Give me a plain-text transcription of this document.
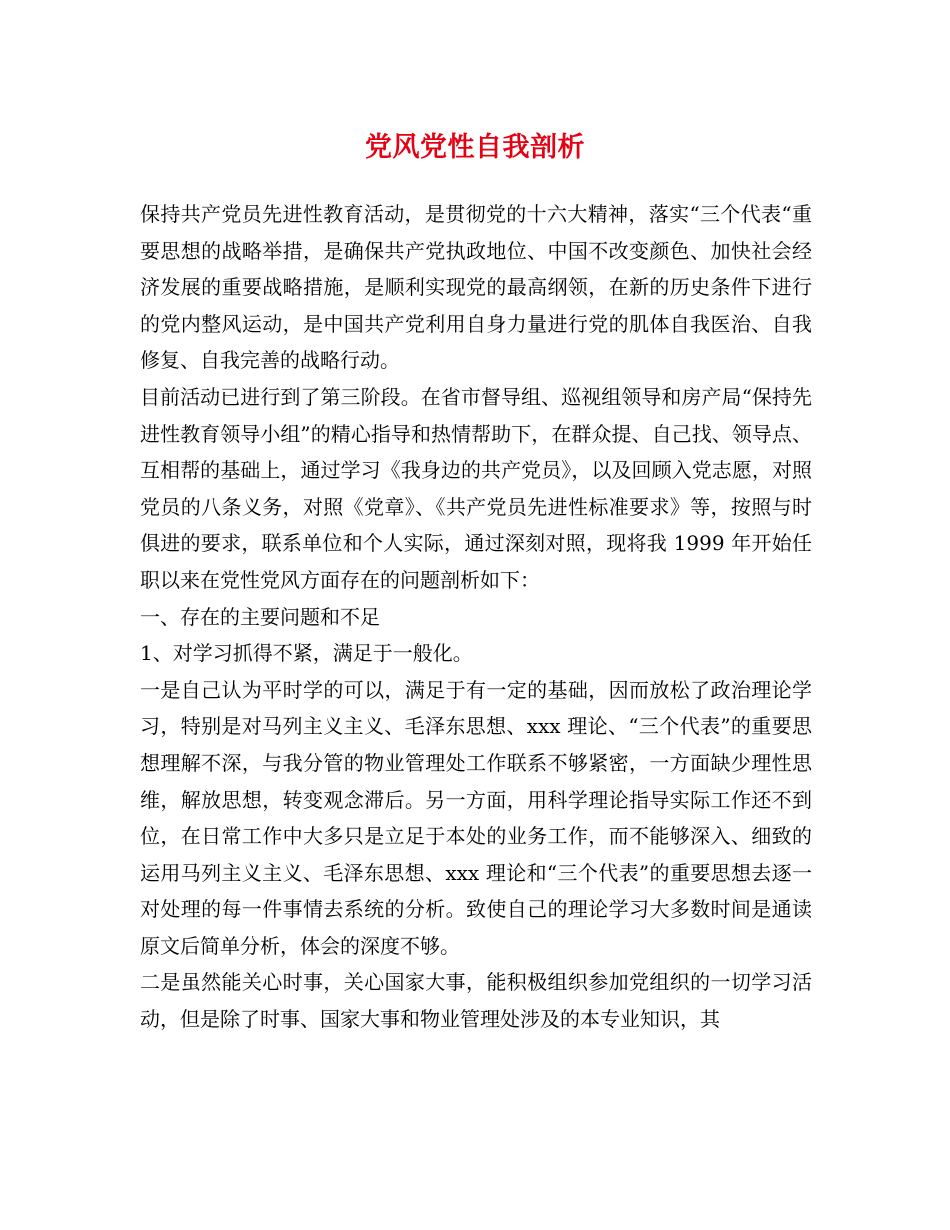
党风党性自我剖析

保持共产党员先进性教育活动，是贯彻党的十六大精神，落实“三个代表“重要思想的战略举措，是确保共产党执政地位、中国不改变颜色、加快社会经济发展的重要战略措施，是顺利实现党的最高纲领，在新的历史条件下进行的党内整风运动，是中国共产党利用自身力量进行党的肌体自我医治、自我修复、自我完善的战略行动。

目前活动已进行到了第三阶段。在省市督导组、巡视组领导和房产局“保持先进性教育领导小组”的精心指导和热情帮助下，在群众提、自己找、领导点、互相帮的基础上，通过学习《我身边的共产党员》，以及回顾入党志愿，对照党员的八条义务，对照《党章》、《共产党员先进性标准要求》等，按照与时俱进的要求，联系单位和个人实际，通过深刻对照，现将我 1999 年开始任职以来在党性党风方面存在的问题剖析如下：

一、存在的主要问题和不足

1、对学习抓得不紧，满足于一般化。

一是自己认为平时学的可以，满足于有一定的基础，因而放松了政治理论学习，特别是对马列主义主义、毛泽东思想、xxx 理论、“三个代表”的重要思想理解不深，与我分管的物业管理处工作联系不够紧密，一方面缺少理性思维，解放思想，转变观念滞后。另一方面，用科学理论指导实际工作还不到位，在日常工作中大多只是立足于本处的业务工作，而不能够深入、细致的运用马列主义主义、毛泽东思想、xxx 理论和“三个代表”的重要思想去逐一对处理的每一件事情去系统的分析。致使自己的理论学习大多数时间是通读原文后简单分析，体会的深度不够。

二是虽然能关心时事，关心国家大事，能积极组织参加党组织的一切学习活动，但是除了时事、国家大事和物业管理处涉及的本专业知识，其
